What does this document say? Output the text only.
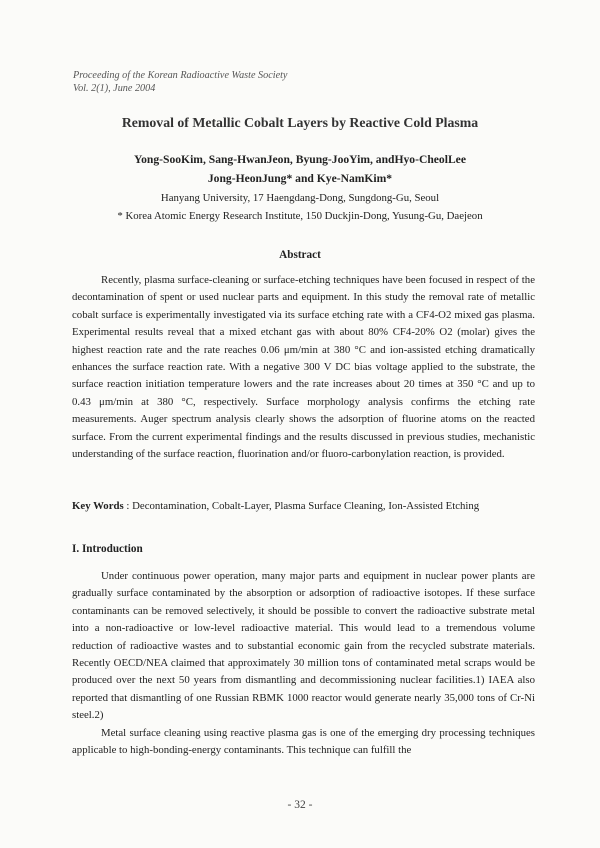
Proceeding of the Korean Radioactive Waste Society
Vol. 2(1), June 2004
Removal of Metallic Cobalt Layers by Reactive Cold Plasma
Yong-SooKim, Sang-HwanJeon, Byung-JooYim, andHyo-CheolLee
Jong-HeonJung* and Kye-NamKim*
Hanyang University, 17 Haengdang-Dong, Sungdong-Gu, Seoul
* Korea Atomic Energy Research Institute, 150 Duckjin-Dong, Yusung-Gu, Daejeon
Abstract

Recently, plasma surface-cleaning or surface-etching techniques have been focused in respect of the decontamination of spent or used nuclear parts and equipment. In this study the removal rate of metallic cobalt surface is experimentally investigated via its surface etching rate with a CF4-O2 mixed gas plasma. Experimental results reveal that a mixed etchant gas with about 80% CF4-20% O2 (molar) gives the highest reaction rate and the rate reaches 0.06 μm/min at 380 °C and ion-assisted etching dramatically enhances the surface reaction rate. With a negative 300 V DC bias voltage applied to the substrate, the surface reaction initiation temperature lowers and the rate increases about 20 times at 350 °C and up to 0.43 μm/min at 380 °C, respectively. Surface morphology analysis confirms the etching rate measurements. Auger spectrum analysis clearly shows the adsorption of fluorine atoms on the reacted surface. From the current experimental findings and the results discussed in previous studies, mechanistic understanding of the surface reaction, fluorination and/or fluoro-carbonylation reaction, is provided.

Key Words : Decontamination, Cobalt-Layer, Plasma Surface Cleaning, Ion-Assisted Etching
I. Introduction

Under continuous power operation, many major parts and equipment in nuclear power plants are gradually surface contaminated by the absorption or adsorption of radioactive isotopes. If these surface contaminants can be removed selectively, it should be possible to convert the radioactive substrate metal into a non-radioactive or low-level radioactive material. This would lead to a tremendous volume reduction of radioactive wastes and to substantial economic gain from the recycled substrate materials. Recently OECD/NEA claimed that approximately 30 million tons of contaminated metal scraps would be produced over the next 50 years from dismantling and decommissioning nuclear facilities.1) IAEA also reported that dismantling of one Russian RBMK 1000 reactor would generate nearly 35,000 tons of Cr-Ni steel.2)

Metal surface cleaning using reactive plasma gas is one of the emerging dry processing techniques applicable to high-bonding-energy contaminants. This technique can fulfill the

- 32 -
